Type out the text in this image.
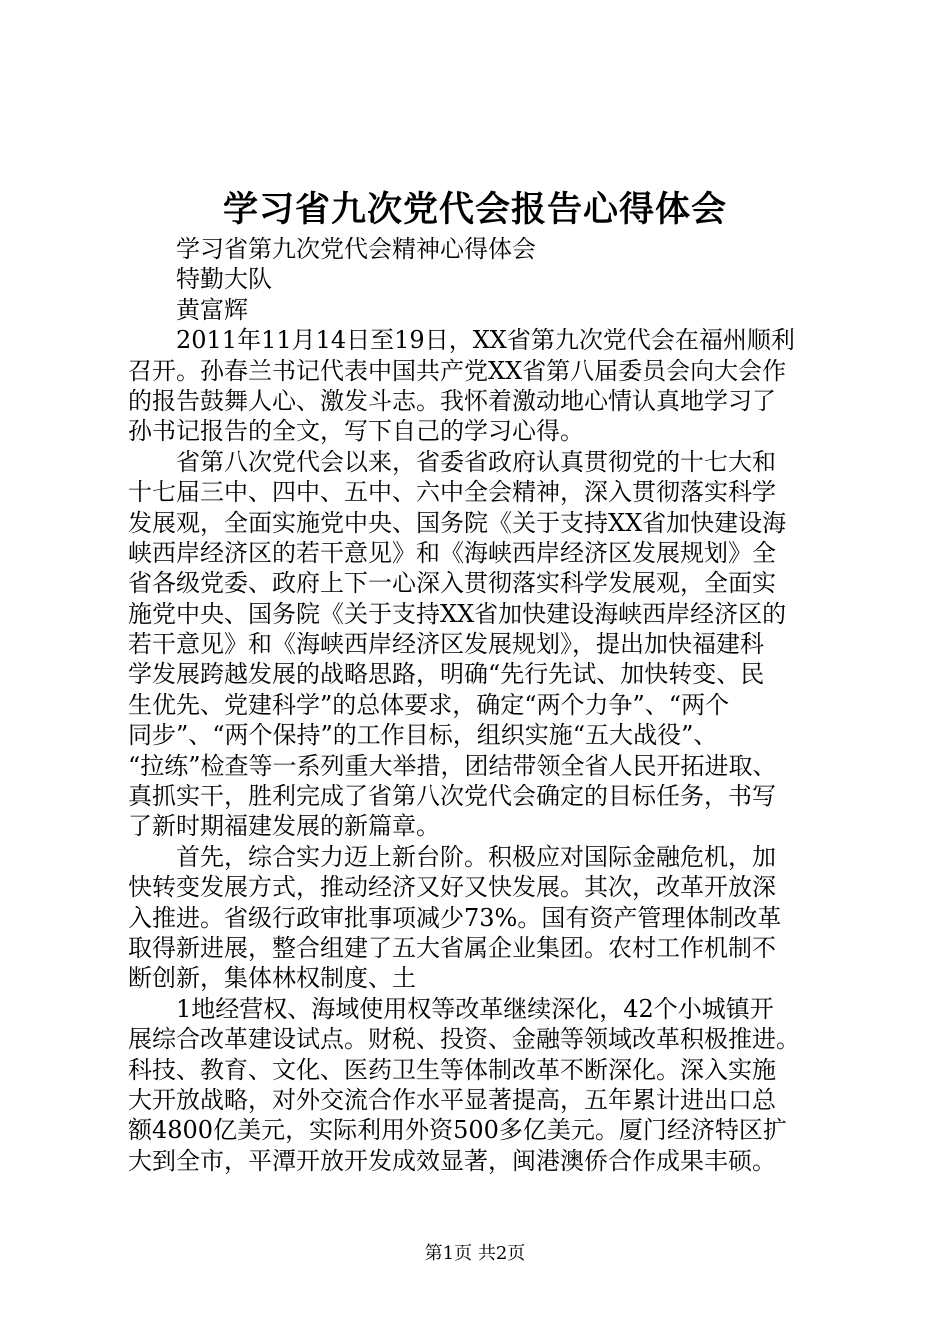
学习省九次党代会报告心得体会
学习省第九次党代会精神心得体会
特勤大队
黄富辉
2011年11月14日至19日，XX省第九次党代会在福州顺利
召开。孙春兰书记代表中国共产党XX省第八届委员会向大会作
的报告鼓舞人心、激发斗志。我怀着激动地心情认真地学习了
孙书记报告的全文，写下自己的学习心得。
省第八次党代会以来，省委省政府认真贯彻党的十七大和
十七届三中、四中、五中、六中全会精神，深入贯彻落实科学
发展观，全面实施党中央、国务院《关于支持XX省加快建设海
峡西岸经济区的若干意见》和《海峡西岸经济区发展规划》全
省各级党委、政府上下一心深入贯彻落实科学发展观，全面实
施党中央、国务院《关于支持XX省加快建设海峡西岸经济区的
若干意见》和《海峡西岸经济区发展规划》，提出加快福建科
学发展跨越发展的战略思路，明确“先行先试、加快转变、民
生优先、党建科学”的总体要求，确定“两个力争”、“两个
同步”、“两个保持”的工作目标，组织实施“五大战役”、
“拉练”检查等一系列重大举措，团结带领全省人民开拓进取、
真抓实干，胜利完成了省第八次党代会确定的目标任务，书写
了新时期福建发展的新篇章。
首先，综合实力迈上新台阶。积极应对国际金融危机，加
快转变发展方式，推动经济又好又快发展。其次，改革开放深
入推进。省级行政审批事项减少73%。国有资产管理体制改革
取得新进展，整合组建了五大省属企业集团。农村工作机制不
断创新，集体林权制度、土
1地经营权、海域使用权等改革继续深化，42个小城镇开
展综合改革建设试点。财税、投资、金融等领域改革积极推进。
科技、教育、文化、医药卫生等体制改革不断深化。深入实施
大开放战略，对外交流合作水平显著提高，五年累计进出口总
额4800亿美元，实际利用外资500多亿美元。厦门经济特区扩
大到全市，平潭开放开发成效显著，闽港澳侨合作成果丰硕。
第1页 共2页
